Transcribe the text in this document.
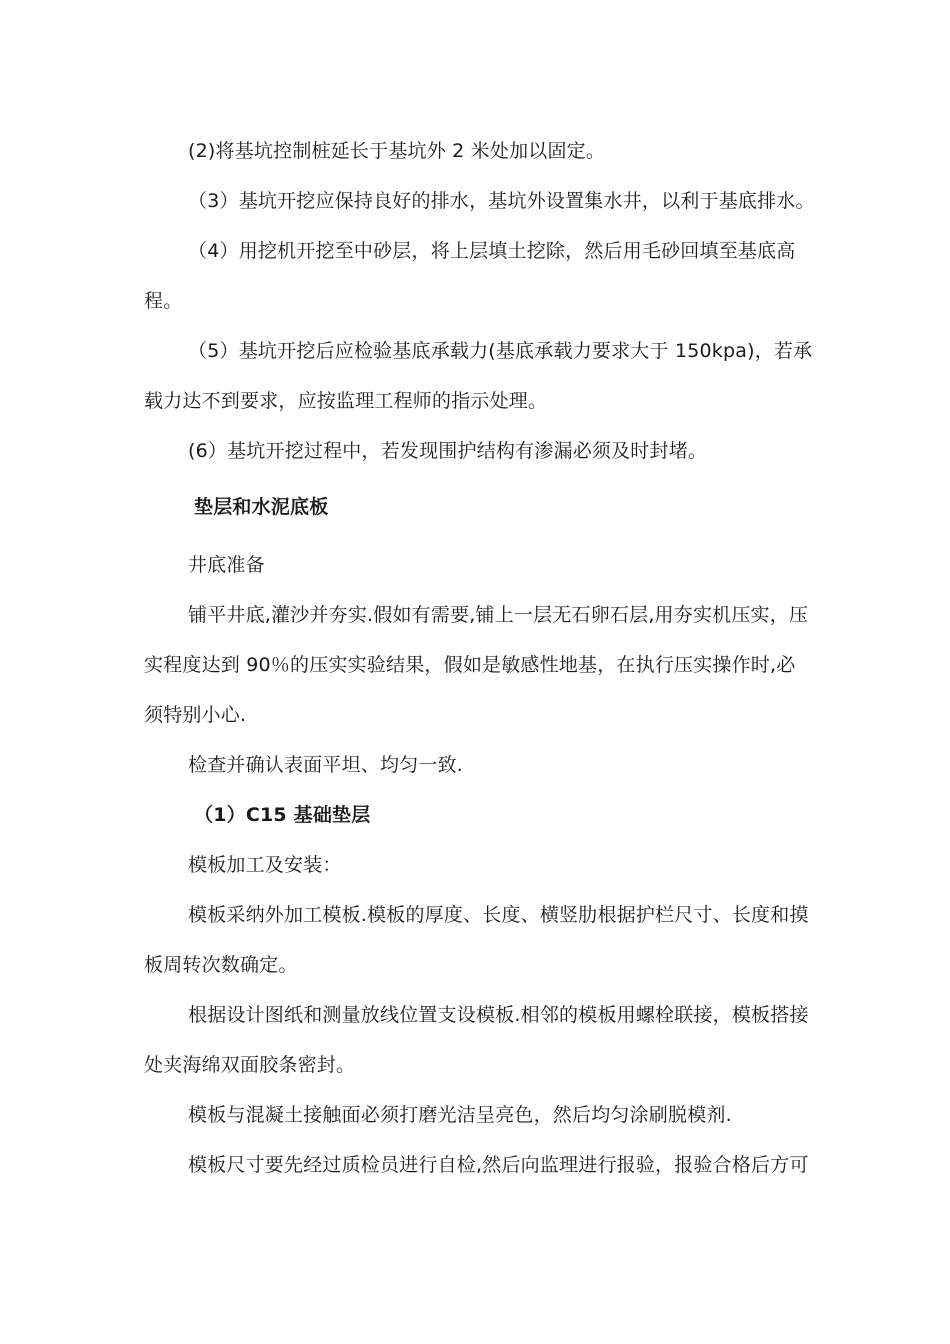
(2)将基坑控制桩延长于基坑外 2 米处加以固定。
（3）基坑开挖应保持良好的排水，基坑外设置集水井，以利于基底排水。
（4）用挖机开挖至中砂层，将上层填土挖除，然后用毛砂回填至基底高
程。
（5）基坑开挖后应检验基底承载力(基底承载力要求大于 150kpa)，若承
载力达不到要求，应按监理工程师的指示处理。
(6）基坑开挖过程中，若发现围护结构有渗漏必须及时封堵。
垫层和水泥底板
井底准备
铺平井底,灌沙并夯实.假如有需要,铺上一层无石卵石层,用夯实机压实，压
实程度达到 90％的压实实验结果，假如是敏感性地基，在执行压实操作时,必
须特别小心.
检查并确认表面平坦、均匀一致.
（1）C15 基础垫层
模板加工及安装：
模板采纳外加工模板.模板的厚度、长度、横竖肋根据护栏尺寸、长度和摸
板周转次数确定。
根据设计图纸和测量放线位置支设模板.相邻的模板用螺栓联接，模板搭接
处夹海绵双面胶条密封。
模板与混凝土接触面必须打磨光洁呈亮色，然后均匀涂刷脱模剂.
模板尺寸要先经过质检员进行自检,然后向监理进行报验，报验合格后方可
